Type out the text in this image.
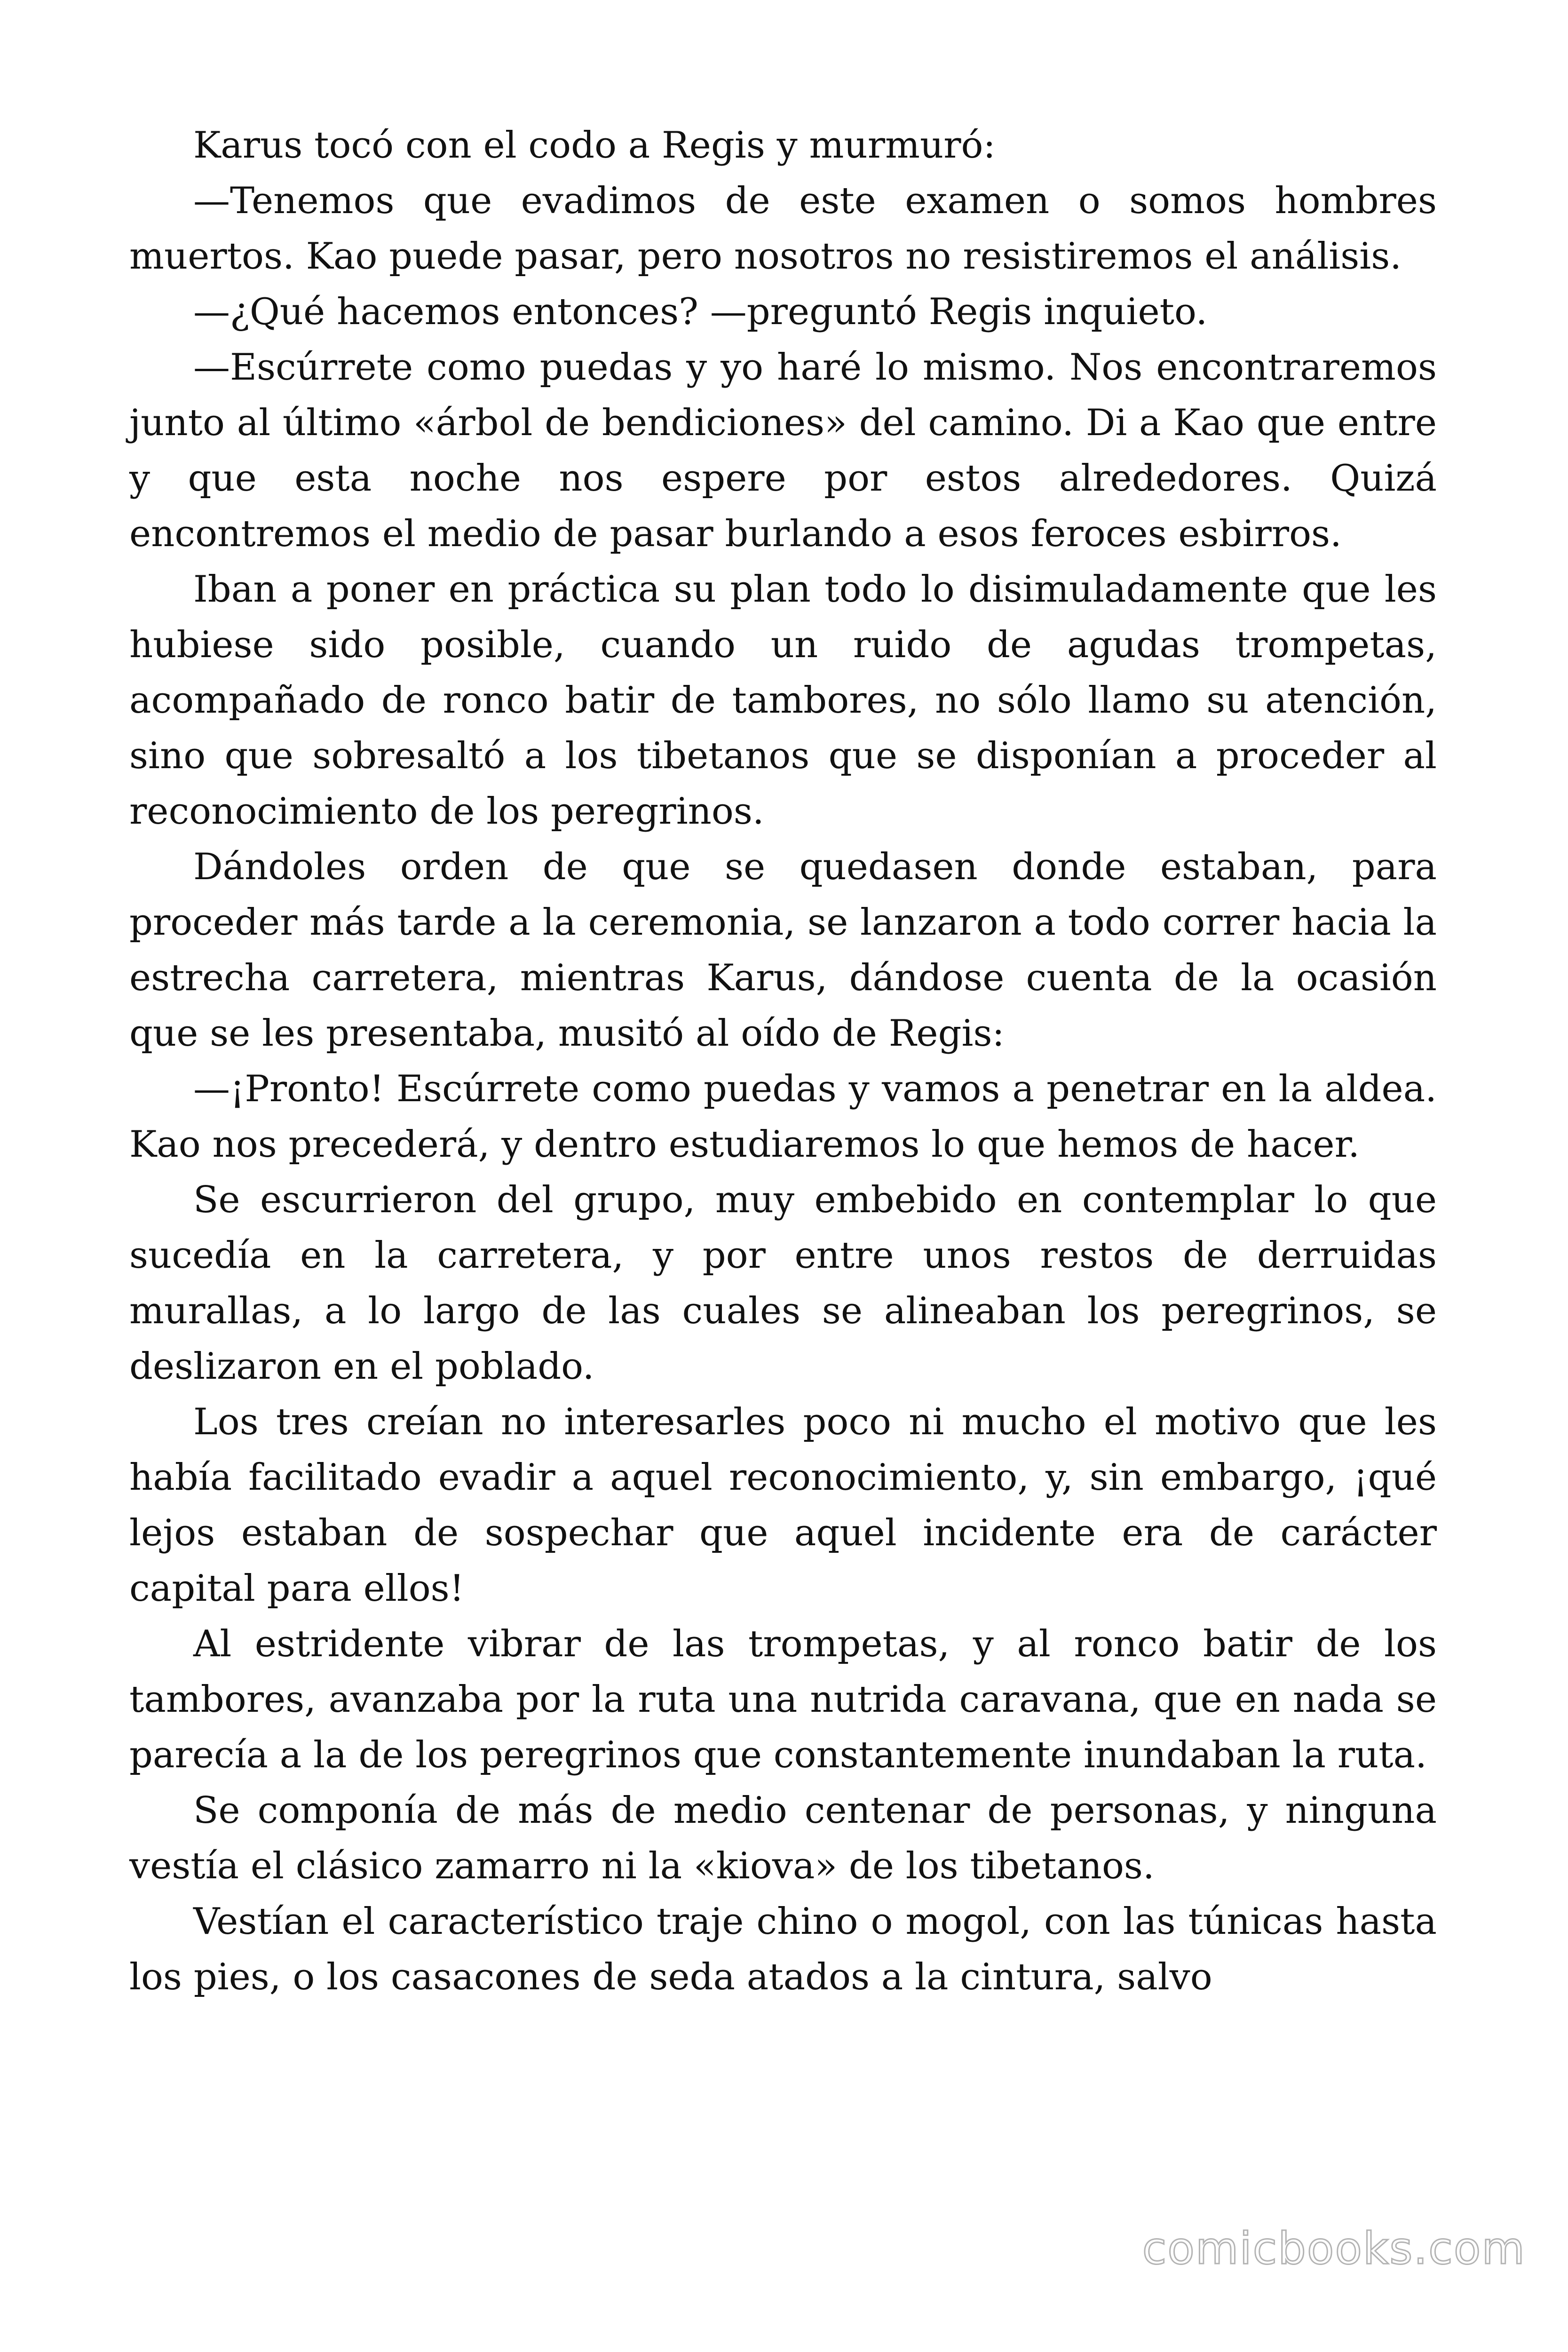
Karus tocó con el codo a Regis y murmuró:

—Tenemos que evadimos de este examen o somos hombres muertos. Kao puede pasar, pero nosotros no resistiremos el análisis.

—¿Qué hacemos entonces? —preguntó Regis inquieto.

—Escúrrete como puedas y yo haré lo mismo. Nos encontraremos junto al último «árbol de bendiciones» del camino. Di a Kao que entre y que esta noche nos espere por estos alrededores. Quizá encontremos el medio de pasar burlando a esos feroces esbirros.

Iban a poner en práctica su plan todo lo disimuladamente que les hubiese sido posible, cuando un ruido de agudas trompetas, acompañado de ronco batir de tambores, no sólo llamo su atención, sino que sobresaltó a los tibetanos que se disponían a proceder al reconocimiento de los peregrinos.

Dándoles orden de que se quedasen donde estaban, para proceder más tarde a la ceremonia, se lanzaron a todo correr hacia la estrecha carretera, mientras Karus, dándose cuenta de la ocasión que se les presentaba, musitó al oído de Regis:

—¡Pronto! Escúrrete como puedas y vamos a penetrar en la aldea. Kao nos precederá, y dentro estudiaremos lo que hemos de hacer.

Se escurrieron del grupo, muy embebido en contemplar lo que sucedía en la carretera, y por entre unos restos de derruidas murallas, a lo largo de las cuales se alineaban los peregrinos, se deslizaron en el poblado.

Los tres creían no interesarles poco ni mucho el motivo que les había facilitado evadir a aquel reconocimiento, y, sin embargo, ¡qué lejos estaban de sospechar que aquel incidente era de carácter capital para ellos!

Al estridente vibrar de las trompetas, y al ronco batir de los tambores, avanzaba por la ruta una nutrida caravana, que en nada se parecía a la de los peregrinos que constantemente inundaban la ruta.

Se componía de más de medio centenar de personas, y ninguna vestía el clásico zamarro ni la «kiova» de los tibetanos.

Vestían el característico traje chino o mogol, con las túnicas hasta los pies, o los casacones de seda atados a la cintura, salvo

comicbooks.com
